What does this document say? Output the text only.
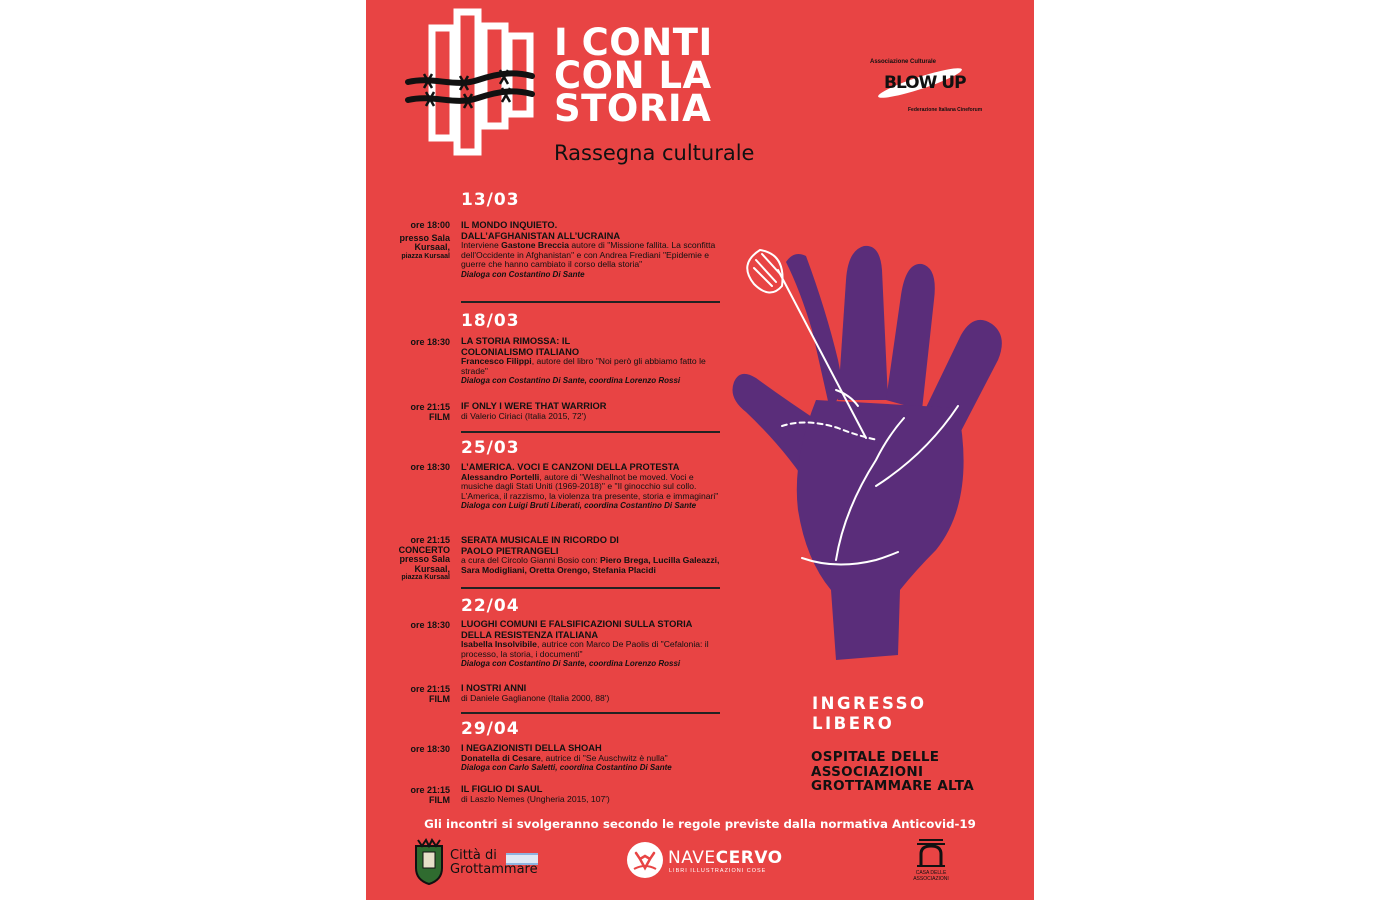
I CONTI
CON LA
STORIA
Rassegna culturale
Associazione Culturale
BLOW UP
Federazione Italiana Cineforum
INGRESSO
LIBERO
OSPITALE DELLE
ASSOCIAZIONI
GROTTAMMARE ALTA
13/03
ore 18:00
presso Sala
Kursaal,
piazza Kursaal
IL MONDO INQUIETO. DALL’AFGHANISTAN ALL’UCRAINA
Interviene Gastone Breccia autore di "Missione fallita. La sconfitta dell'Occidente in Afghanistan" e con Andrea Frediani "Epidemie e guerre che hanno cambiato il corso della storia"
Dialoga con Costantino Di Sante
18/03
ore 18:30 LA STORIA RIMOSSA: IL COLONIALISMO ITALIANO
Francesco Filippi, autore del libro "Noi però gli abbiamo fatto le strade"
Dialoga con Costantino Di Sante, coordina Lorenzo Rossi
ore 21:15
FILM
IF ONLY I WERE THAT WARRIOR
di Valerio Ciriaci (Italia 2015, 72')
25/03
ore 18:30 L’AMERICA. VOCI E CANZONI DELLA PROTESTA
Alessandro Portelli, autore di "Weshallnot be moved. Voci e musiche dagli Stati Uniti (1969-2018)" e "Il ginocchio sul collo. L'America, il razzismo, la violenza tra presente, storia e immaginari"
Dialoga con Luigi Bruti Liberati, coordina Costantino Di Sante
ore 21:15
CONCERTO
presso Sala
Kursaal,
piazza Kursaal
SERATA MUSICALE IN RICORDO DI PAOLO PIETRANGELI
a cura del Circolo Gianni Bosio con: Piero Brega, Lucilla Galeazzi, Sara Modigliani, Oretta Orengo, Stefania Placidi
22/04
ore 18:30 LUOGHI COMUNI E FALSIFICAZIONI SULLA STORIA DELLA RESISTENZA ITALIANA
Isabella Insolvibile, autrice con Marco De Paolis di "Cefalonia: il processo, la storia, i documenti"
Dialoga con Costantino Di Sante, coordina Lorenzo Rossi
ore 21:15
FILM
I NOSTRI ANNI
di Daniele Gaglianone (Italia 2000, 88')
29/04
ore 18:30 I NEGAZIONISTI DELLA SHOAH
Donatella di Cesare, autrice di "Se Auschwitz è nulla"
Dialoga con Carlo Saletti, coordina Costantino Di Sante
ore 21:15
FILM
IL FIGLIO DI SAUL
di Laszlo Nemes (Ungheria 2015, 107')
Gli incontri si svolgeranno secondo le regole previste dalla normativa Anticovid-19
Città di
Grottammare
NAVECERVO
LIBRI ILLUSTRAZIONI COSE	CASA DELLE
ASSOCIAZIONI
